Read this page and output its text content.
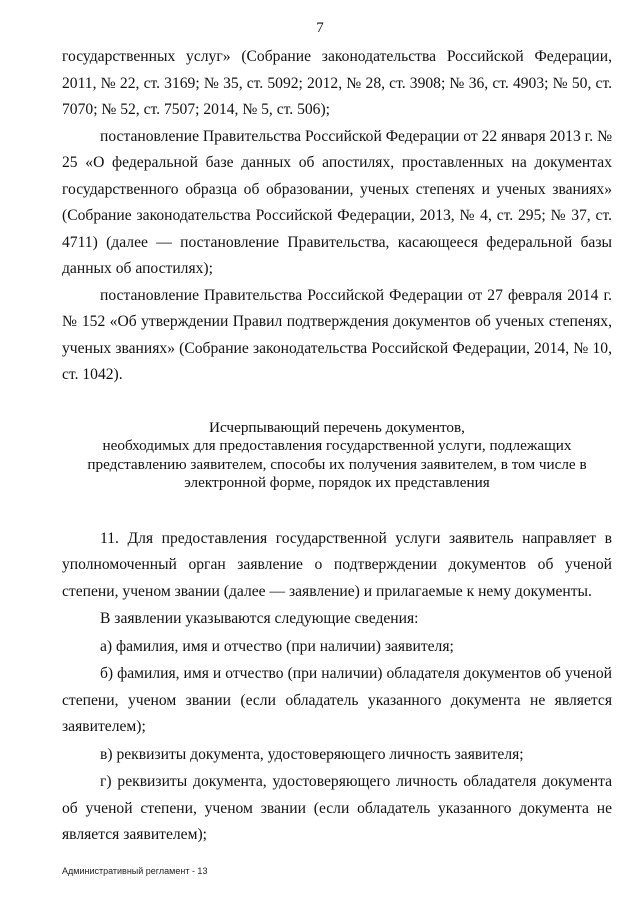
7

государственных услуг» (Собрание законодательства Российской Федерации, 2011, № 22, ст. 3169; № 35, ст. 5092; 2012, № 28, ст. 3908; № 36, ст. 4903; № 50, ст. 7070; № 52, ст. 7507; 2014, № 5, ст. 506);

постановление Правительства Российской Федерации от 22 января 2013 г. № 25 «О федеральной базе данных об апостилях, проставленных на документах государственного образца об образовании, ученых степенях и ученых званиях» (Собрание законодательства Российской Федерации, 2013, № 4, ст. 295; № 37, ст. 4711) (далее — постановление Правительства, касающееся федеральной базы данных об апостилях);

постановление Правительства Российской Федерации от 27 февраля 2014 г. № 152 «Об утверждении Правил подтверждения документов об ученых степенях, ученых званиях» (Собрание законодательства Российской Федерации, 2014, № 10, ст. 1042).

Исчерпывающий перечень документов,
необходимых для предоставления государственной услуги, подлежащих
представлению заявителем, способы их получения заявителем, в том числе в
электронной форме, порядок их представления

11. Для предоставления государственной услуги заявитель направляет в уполномоченный орган заявление о подтверждении документов об ученой степени, ученом звании (далее — заявление) и прилагаемые к нему документы.

В заявлении указываются следующие сведения:

а) фамилия, имя и отчество (при наличии) заявителя;

б) фамилия, имя и отчество (при наличии) обладателя документов об ученой степени, ученом звании (если обладатель указанного документа не является заявителем);

в) реквизиты документа, удостоверяющего личность заявителя;

г) реквизиты документа, удостоверяющего личность обладателя документа об ученой степени, ученом звании (если обладатель указанного документа не является заявителем);

Административный регламент - 13
